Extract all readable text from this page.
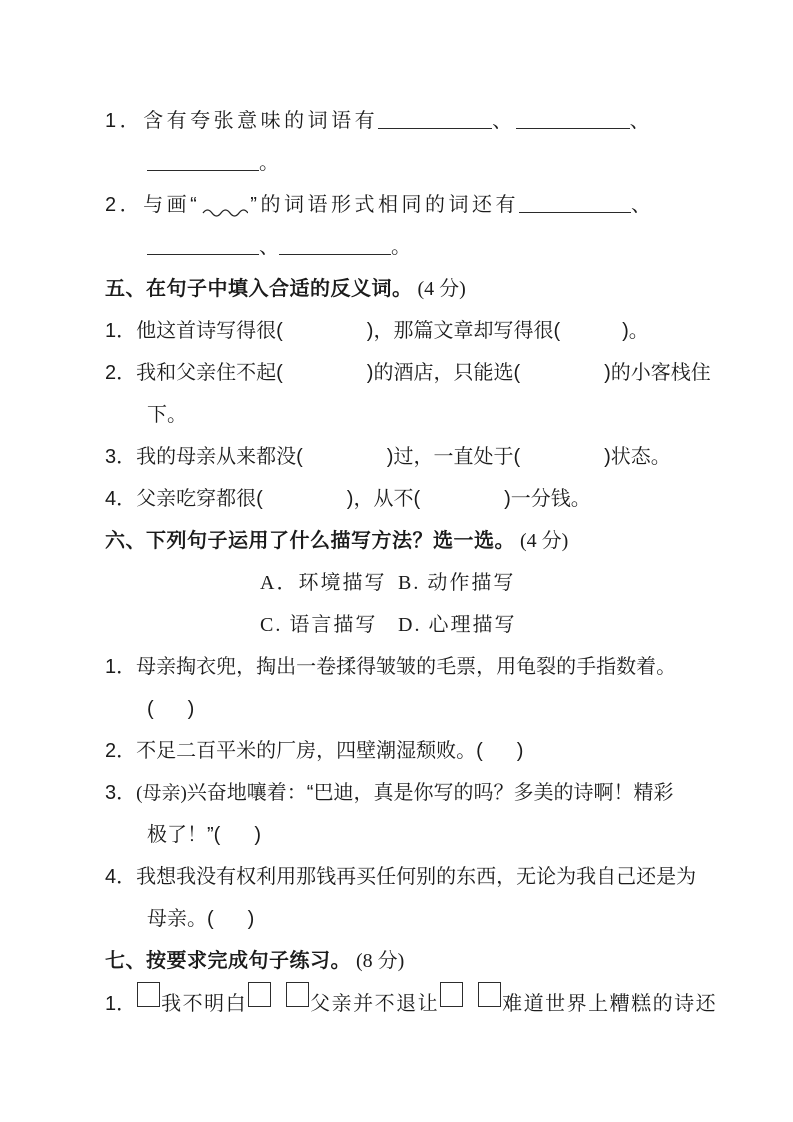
1．含有夸张意味的词语有	、	、
。
2．与画“	”的词语形式相同的词还有	、
、	。
五、在句子中填入合适的反义词。 (4 分)
1．他这首诗写得很(	)，那篇文章却写得很(	)。
2．我和父亲住不起(	)的酒店，只能选(	)的小客栈住
下。
3．我的母亲从来都没(	)过，一直处于(	)状态。
4．父亲吃穿都很(	)，从不(	)一分钱。
六、下列句子运用了什么描写方法？选一选。 (4 分)
A．环境描写 B. 动作描写
C. 语言描写 D. 心理描写
1．母亲掏衣兜，掏出一卷揉得皱皱的毛票，用龟裂的手指数着。
( )
2．不足二百平米的厂房，四壁潮湿颓败。( )
3．(母亲)兴奋地嚷着：“巴迪，真是你写的吗？多美的诗啊！精彩
极了！”( )
4．我想我没有权利用那钱再买任何别的东西，无论为我自己还是为
母亲。( )
七、按要求完成句子练习。 (8 分)
1． 我不明白	父亲并不退让	难道世界上糟糕的诗还
